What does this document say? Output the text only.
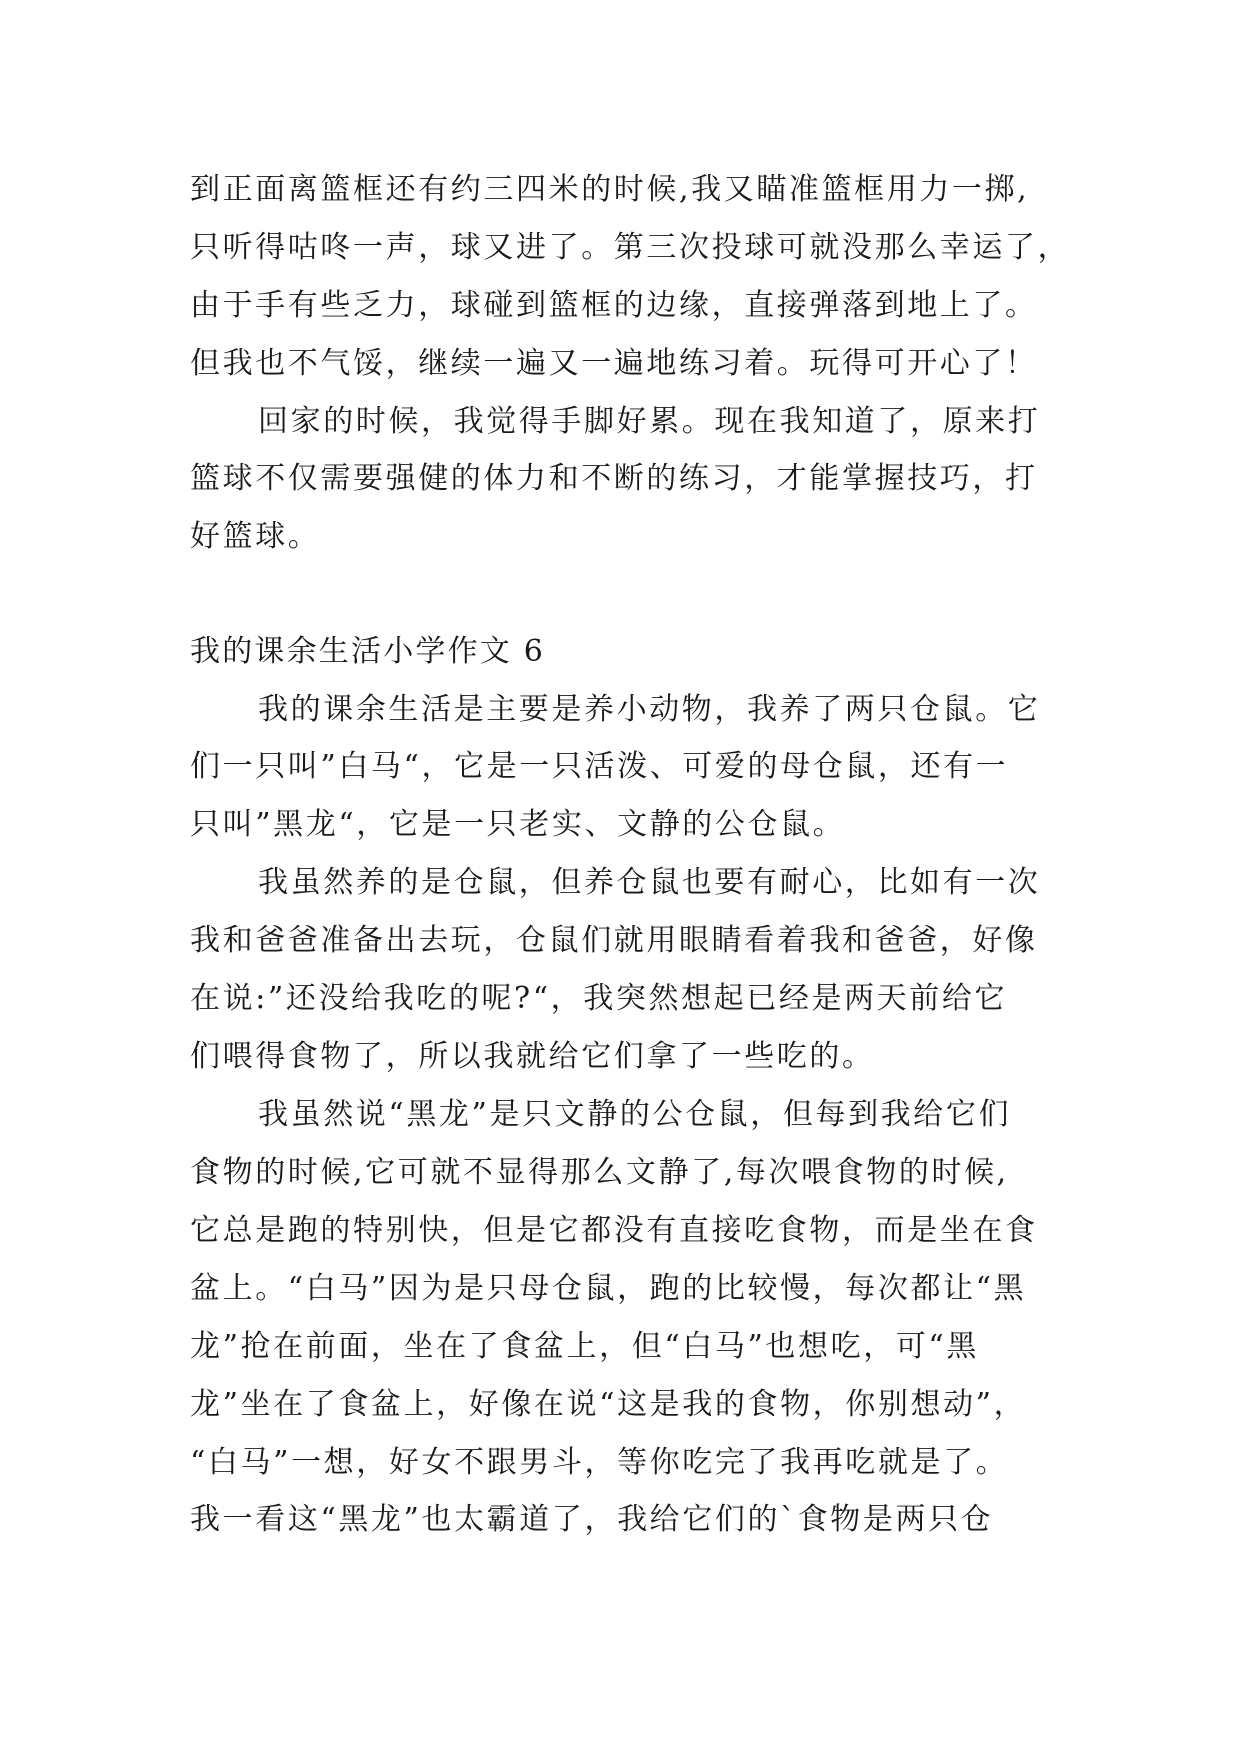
到正面离篮框还有约三四米的时候,我又瞄准篮框用力一掷,
只听得咕咚一声，球又进了。第三次投球可就没那么幸运了，
由于手有些乏力，球碰到篮框的边缘，直接弹落到地上了。
但我也不气馁，继续一遍又一遍地练习着。玩得可开心了！
回家的时候，我觉得手脚好累。现在我知道了，原来打
篮球不仅需要强健的体力和不断的练习，才能掌握技巧，打
好篮球。
我的课余生活小学作文 6
我的课余生活是主要是养小动物，我养了两只仓鼠。它
们一只叫”白马“，它是一只活泼、可爱的母仓鼠，还有一
只叫”黑龙“，它是一只老实、文静的公仓鼠。
我虽然养的是仓鼠，但养仓鼠也要有耐心，比如有一次
我和爸爸准备出去玩，仓鼠们就用眼睛看着我和爸爸，好像
在说:”还没给我吃的呢?“，我突然想起已经是两天前给它
们喂得食物了，所以我就给它们拿了一些吃的。
我虽然说“黑龙”是只文静的公仓鼠，但每到我给它们
食物的时候,它可就不显得那么文静了,每次喂食物的时候,
它总是跑的特别快，但是它都没有直接吃食物，而是坐在食
盆上。“白马”因为是只母仓鼠，跑的比较慢，每次都让“黑
龙”抢在前面，坐在了食盆上，但“白马”也想吃，可“黑
龙”坐在了食盆上，好像在说“这是我的食物，你别想动”，
“白马”一想，好女不跟男斗，等你吃完了我再吃就是了。
我一看这“黑龙”也太霸道了，我给它们的`食物是两只仓
